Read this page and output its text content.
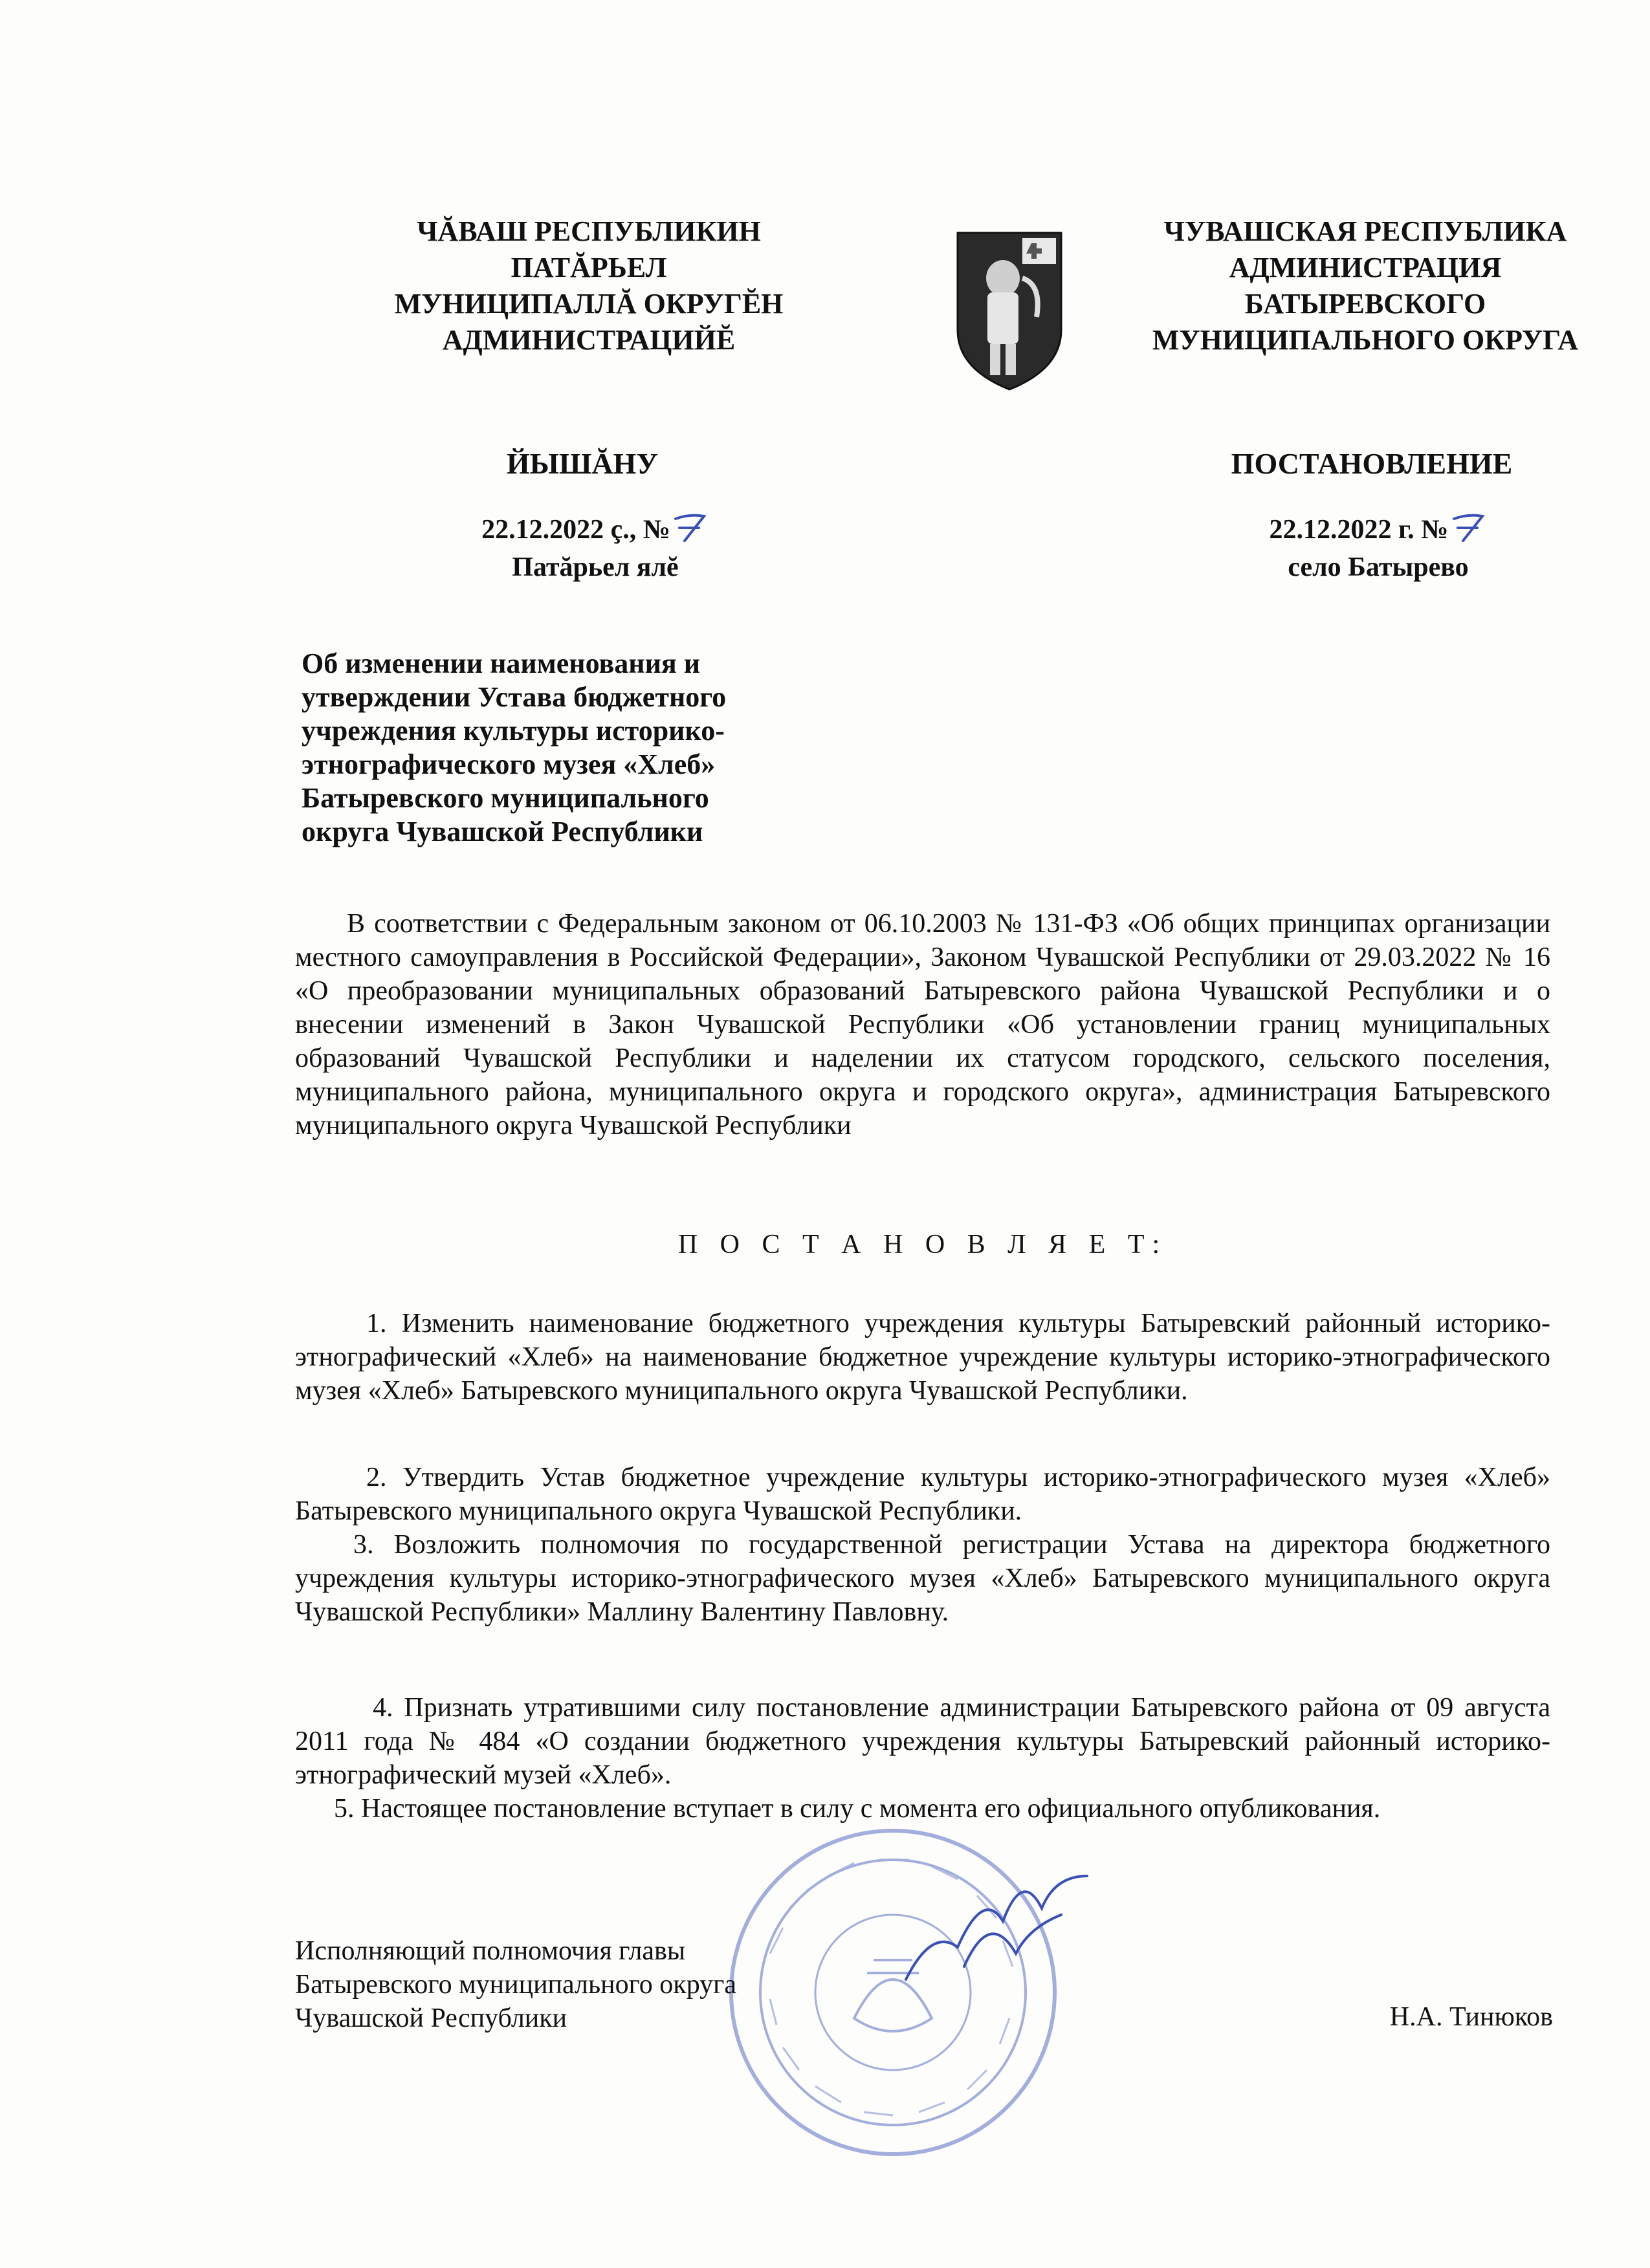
ЧĂВАШ РЕСПУБЛИКИН
ПАТĂРЬЕЛ
МУНИЦИПАЛЛĂ ОКРУГĔН
АДМИНИСТРАЦИЙĔ
ЧУВАШСКАЯ РЕСПУБЛИКА
АДМИНИСТРАЦИЯ
БАТЫРЕВСКОГО
МУНИЦИПАЛЬНОГО ОКРУГА
ЙЫШĂНУ	ПОСТАНОВЛЕНИЕ
22.12.2022 ç., №
Патăрьел ялĕ
22.12.2022 г. №
село Батырево
Об изменении наименования и
утверждении Устава бюджетного
учреждения культуры историко-
этнографического музея «Хлеб»
Батыревского муниципального
округа Чувашской Республики
В соответствии с Федеральным законом от 06.10.2003 № 131-ФЗ «Об общих принципах организации местного самоуправления в Российской Федерации», Законом Чувашской Республики от 29.03.2022 № 16 «О преобразовании муниципальных образований Батыревского района Чувашской Республики и о внесении изменений в Закон Чувашской Республики «Об установлении границ муниципальных образований Чувашской Республики и наделении их статусом городского, сельского поселения, муниципального района, муниципального округа и городского округа», администрация Батыревского муниципального округа Чувашской Республики
П О С Т А Н О В Л Я Е Т:
1. Изменить наименование бюджетного учреждения культуры Батыревский районный историко-этнографический «Хлеб» на наименование бюджетное учреждение культуры историко-этнографического музея «Хлеб» Батыревского муниципального округа Чувашской Республики.
2. Утвердить Устав бюджетное учреждение культуры историко-этнографического музея «Хлеб» Батыревского муниципального округа Чувашской Республики.
3. Возложить полномочия по государственной регистрации Устава на директора бюджетного учреждения культуры историко-этнографического музея «Хлеб» Батыревского муниципального округа Чувашской Республики» Маллину Валентину Павловну.
4. Признать утратившими силу постановление администрации Батыревского района от 09 августа 2011 года № 484 «О создании бюджетного учреждения культуры Батыревский районный историко-этнографический музей «Хлеб».
5. Настоящее постановление вступает в силу с момента его официального опубликования.
Исполняющий полномочия главы
Батыревского муниципального округа
Чувашской Республики	Н.А. Тинюков
